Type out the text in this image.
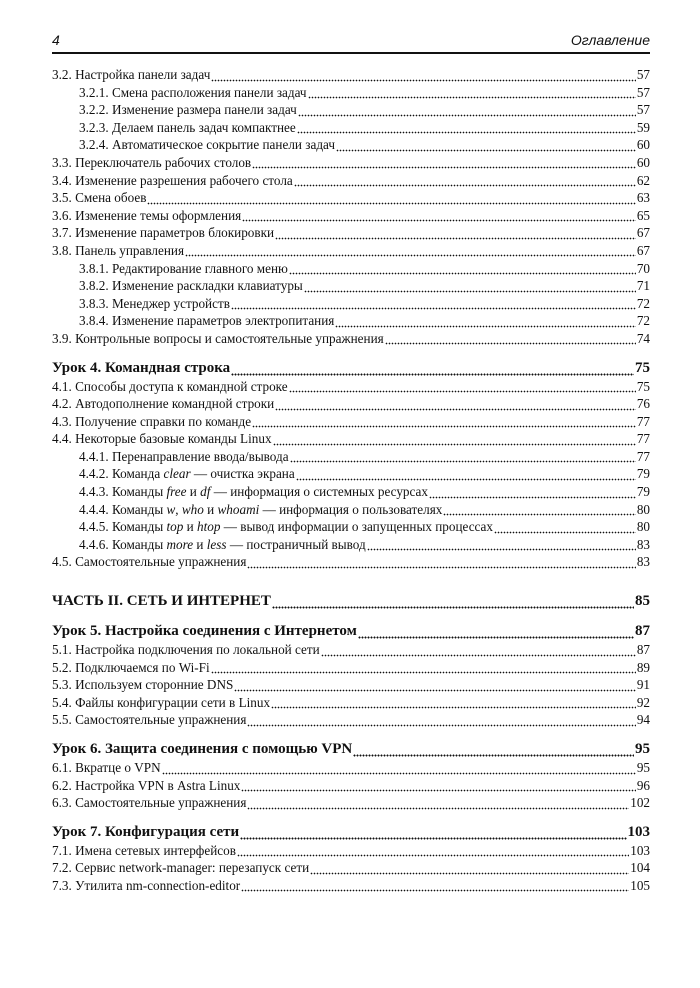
4	Оглавление
3.2. Настройка панели задач	57
3.2.1. Смена расположения панели задач	57
3.2.2. Изменение размера панели задач	57
3.2.3. Делаем панель задач компактнее	59
3.2.4. Автоматическое сокрытие панели задач	60
3.3. Переключатель рабочих столов	60
3.4. Изменение разрешения рабочего стола	62
3.5. Смена обоев	63
3.6. Изменение темы оформления	65
3.7. Изменение параметров блокировки	67
3.8. Панель управления	67
3.8.1. Редактирование главного меню	70
3.8.2. Изменение раскладки клавиатуры	71
3.8.3. Менеджер устройств	72
3.8.4. Изменение параметров электропитания	72
3.9. Контрольные вопросы и самостоятельные упражнения	74
Урок 4. Командная строка	75
4.1. Способы доступа к командной строке	75
4.2. Автодополнение командной строки	76
4.3. Получение справки по команде	77
4.4. Некоторые базовые команды Linux	77
4.4.1. Перенаправление ввода/вывода	77
4.4.2. Команда clear — очистка экрана	79
4.4.3. Команды free и df — информация о системных ресурсах	79
4.4.4. Команды w, who и whoami — информация о пользователях	80
4.4.5. Команды top и htop — вывод информации о запущенных процессах	80
4.4.6. Команды more и less — постраничный вывод	83
4.5. Самостоятельные упражнения	83
ЧАСТЬ II. СЕТЬ И ИНТЕРНЕТ	85
Урок 5. Настройка соединения с Интернетом	87
5.1. Настройка подключения по локальной сети	87
5.2. Подключаемся по Wi-Fi	89
5.3. Используем сторонние DNS	91
5.4. Файлы конфигурации сети в Linux	92
5.5. Самостоятельные упражнения	94
Урок 6. Защита соединения с помощью VPN	95
6.1. Вкратце о VPN	95
6.2. Настройка VPN в Astra Linux	96
6.3. Самостоятельные упражнения	102
Урок 7. Конфигурация сети	103
7.1. Имена сетевых интерфейсов	103
7.2. Сервис network-manager: перезапуск сети	104
7.3. Утилита nm-connection-editor	105
